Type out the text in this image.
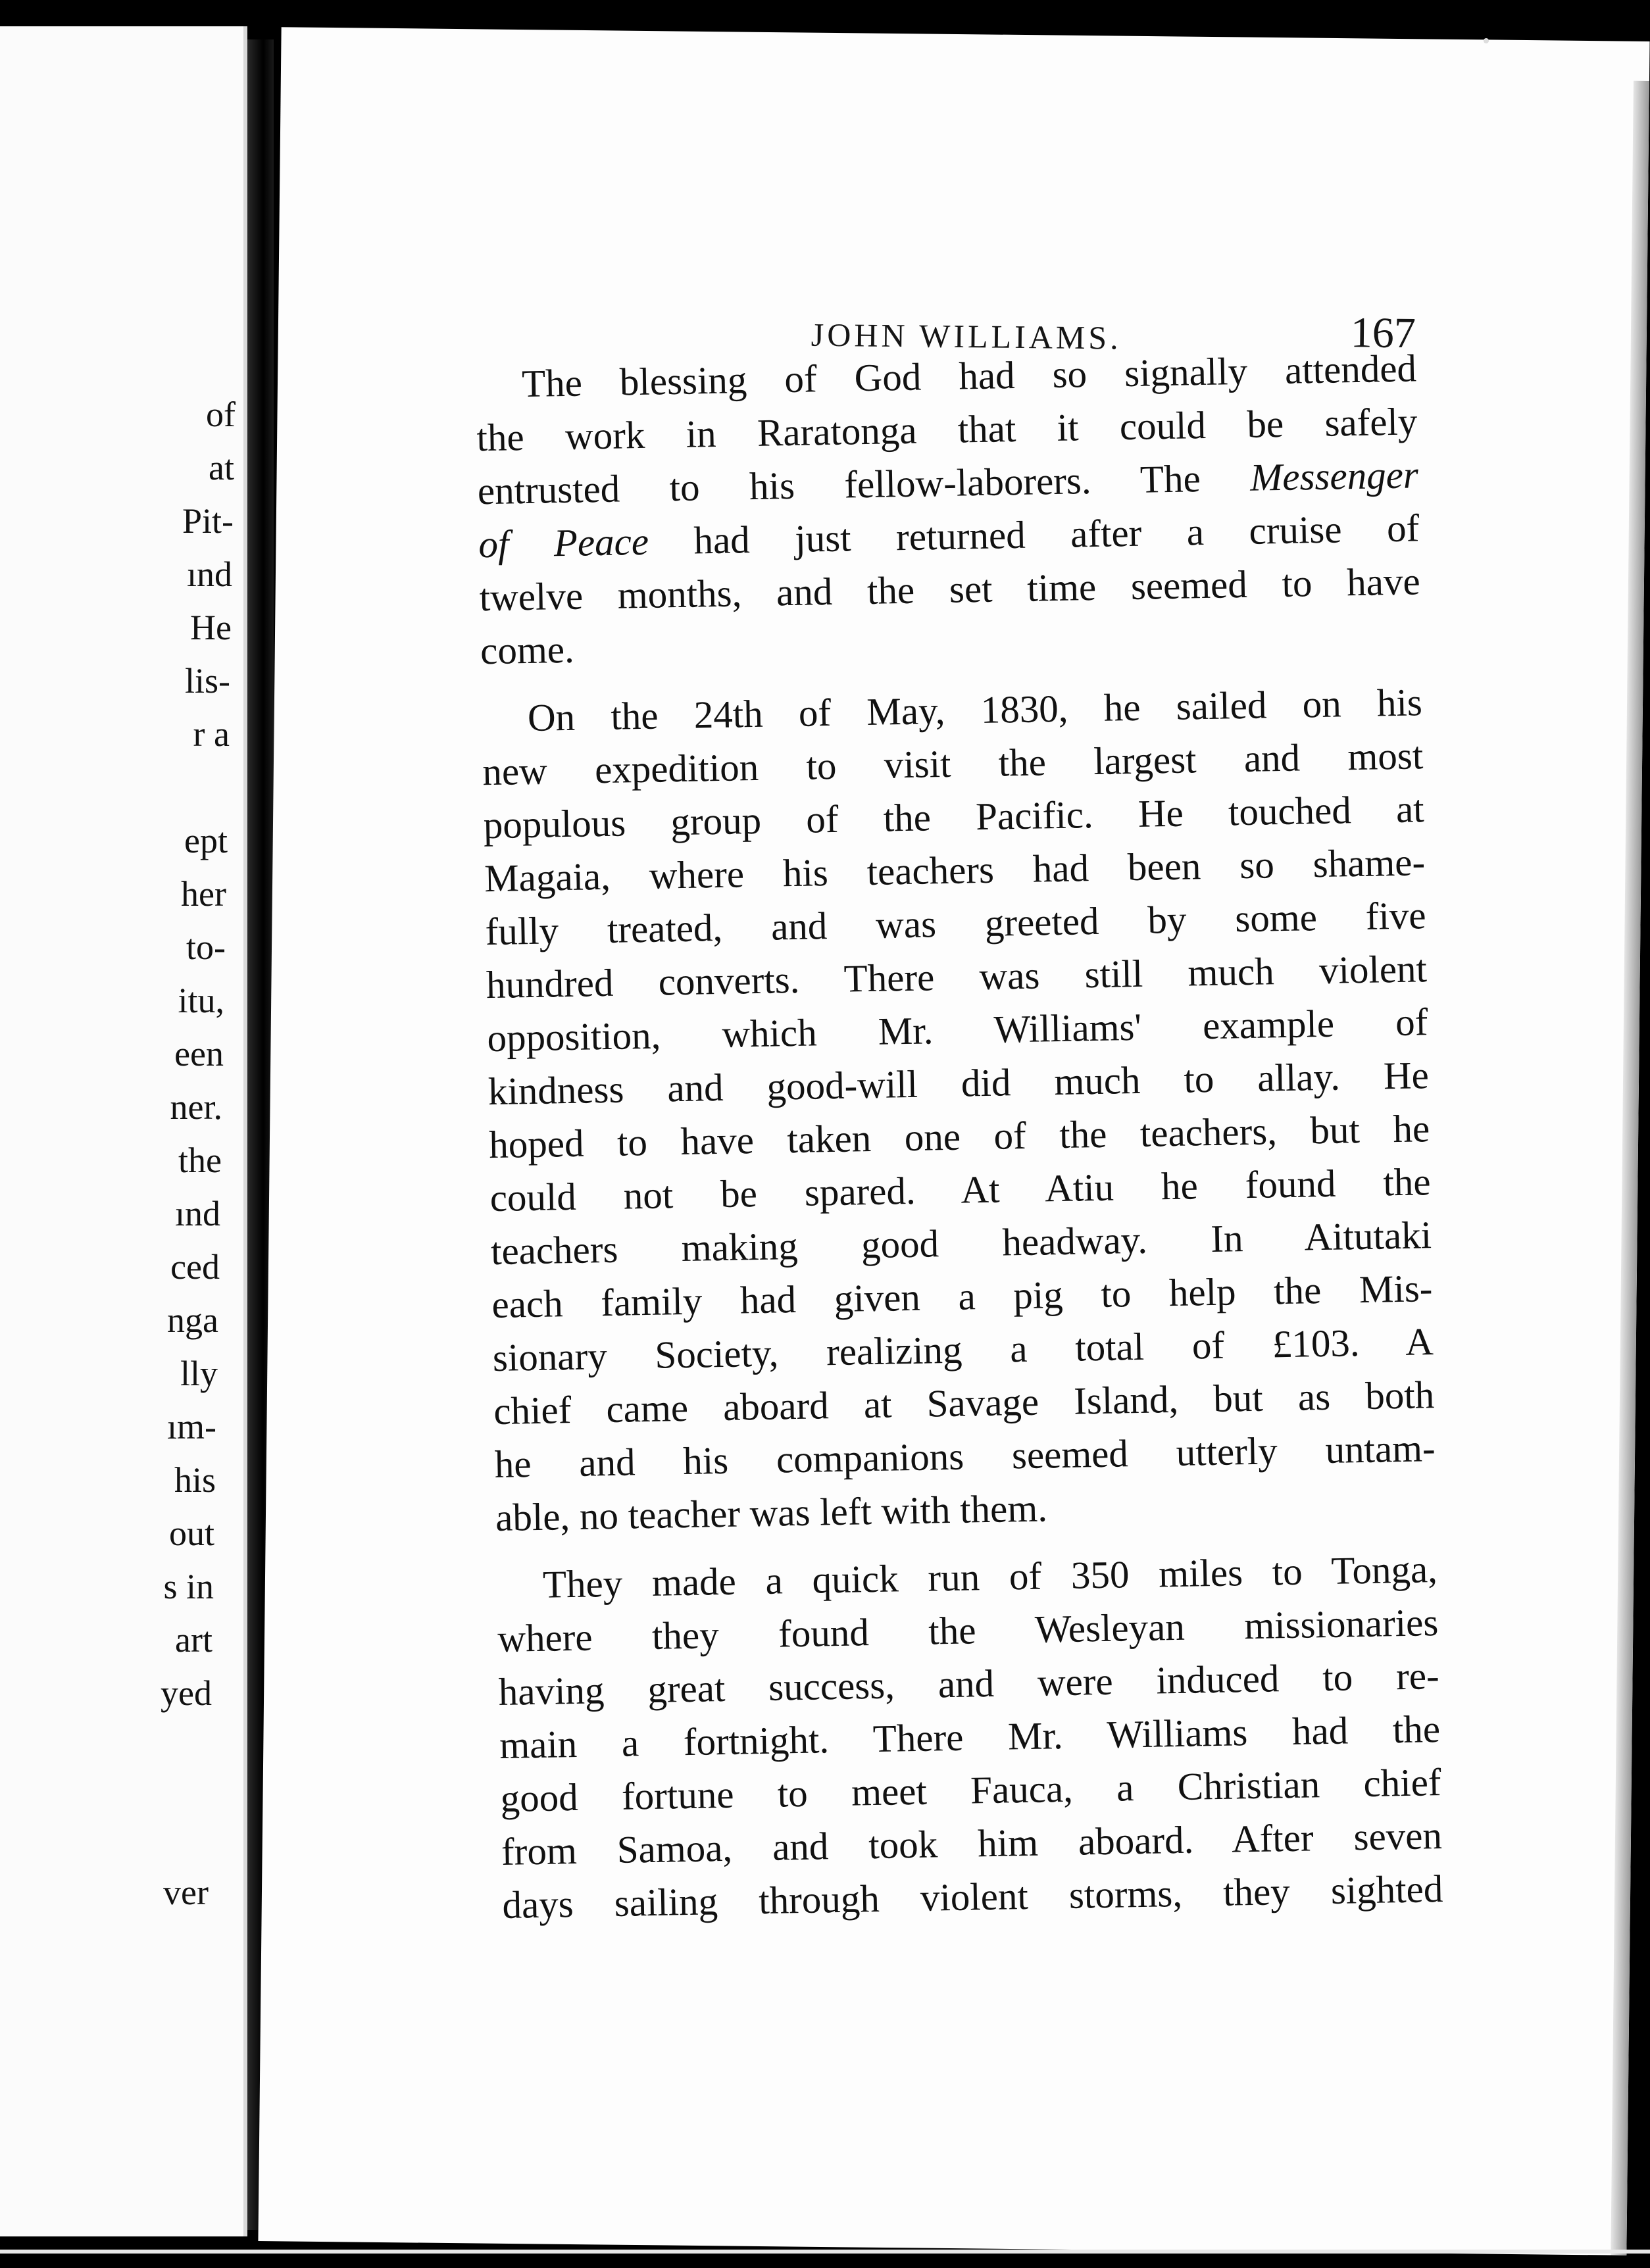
of

at

Pit-

ınd

He

lis-

r a

ept

her

to-

itu,

een

ner.

the

ınd

ced

nga

lly

ım-

his

out

s in

art

yed

ver

JOHN WILLIAMS.	167

The blessing of God had so signally attended
the work in Raratonga that it could be safely
entrusted to his fellow-laborers. The Messenger
of Peace had just returned after a cruise of
twelve months, and the set time seemed to have
come.

On the 24th of May, 1830, he sailed on his
new expedition to visit the largest and most
populous group of the Pacific. He touched at
Magaia, where his teachers had been so shame-
fully treated, and was greeted by some five
hundred converts. There was still much violent
opposition, which Mr. Williams' example of
kindness and good-will did much to allay. He
hoped to have taken one of the teachers, but he
could not be spared. At Atiu he found the
teachers making good headway. In Aitutaki
each family had given a pig to help the Mis-
sionary Society, realizing a total of £103. A
chief came aboard at Savage Island, but as both
he and his companions seemed utterly untam-
able, no teacher was left with them.

They made a quick run of 350 miles to Tonga,
where they found the Wesleyan missionaries
having great success, and were induced to re-
main a fortnight. There Mr. Williams had the
good fortune to meet Fauca, a Christian chief
from Samoa, and took him aboard. After seven
days sailing through violent storms, they sighted
